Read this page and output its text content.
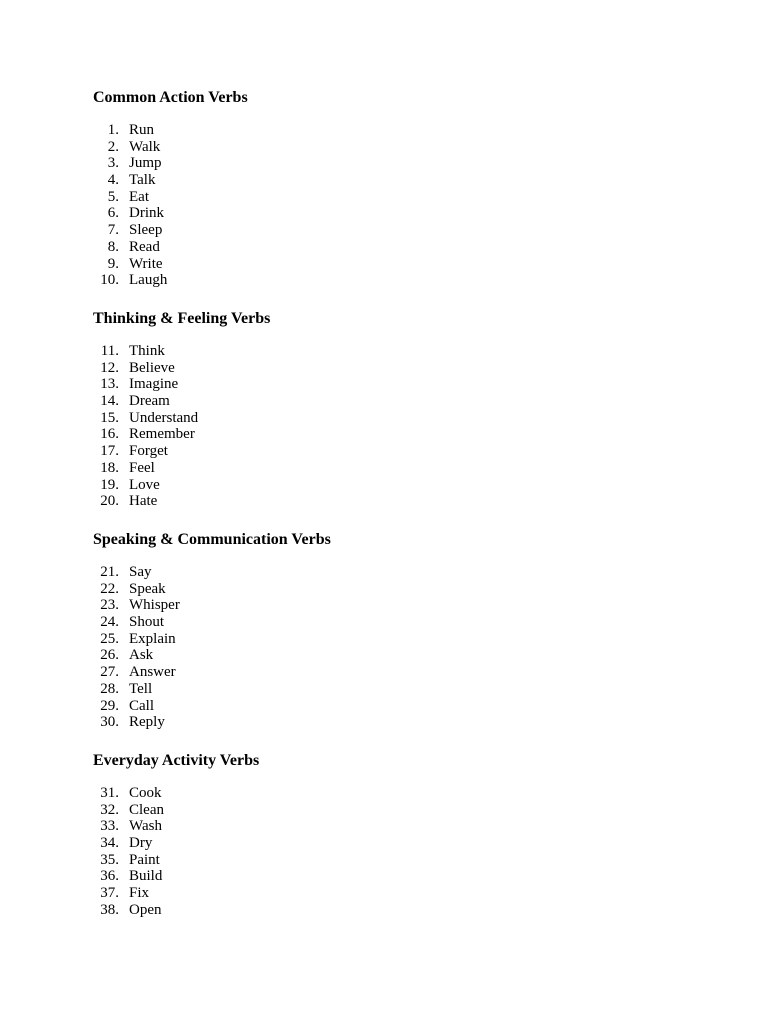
Common Action Verbs
1. Run
2. Walk
3. Jump
4. Talk
5. Eat
6. Drink
7. Sleep
8. Read
9. Write
10. Laugh
Thinking & Feeling Verbs
11. Think
12. Believe
13. Imagine
14. Dream
15. Understand
16. Remember
17. Forget
18. Feel
19. Love
20. Hate
Speaking & Communication Verbs
21. Say
22. Speak
23. Whisper
24. Shout
25. Explain
26. Ask
27. Answer
28. Tell
29. Call
30. Reply
Everyday Activity Verbs
31. Cook
32. Clean
33. Wash
34. Dry
35. Paint
36. Build
37. Fix
38. Open
